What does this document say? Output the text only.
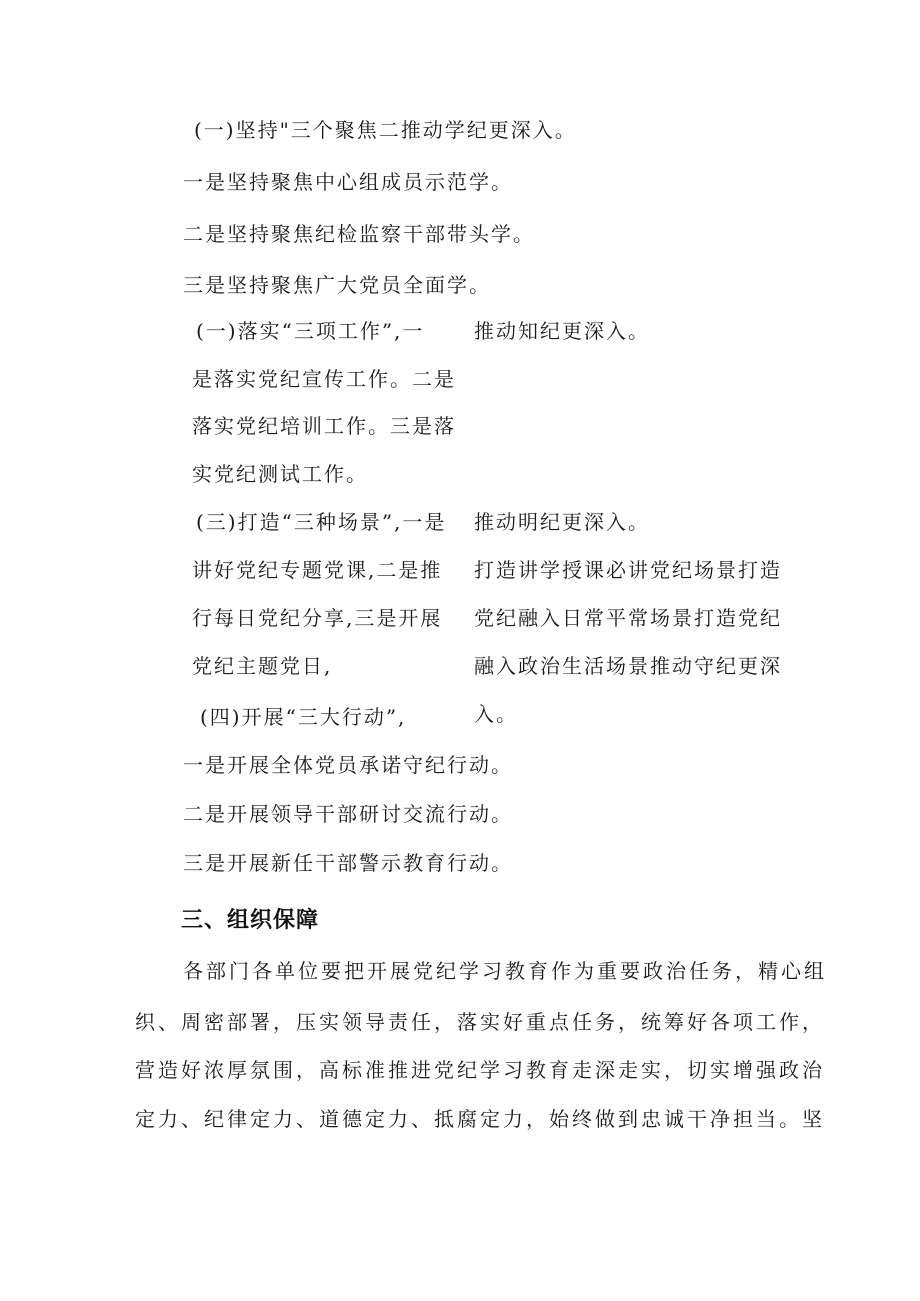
(一)坚持"三个聚焦二推动学纪更深入。
一是坚持聚焦中心组成员示范学。
二是坚持聚焦纪检监察干部带头学。
三是坚持聚焦广大党员全面学。
(一)落实“三项工作”,一
是落实党纪宣传工作。二是
落实党纪培训工作。三是落
实党纪测试工作。
推动知纪更深入。
(三)打造“三种场景”,一是
讲好党纪专题党课,二是推
行每日党纪分享,三是开展
党纪主题党日,
推动明纪更深入。
打造讲学授课必讲党纪场景打造
党纪融入日常平常场景打造党纪
融入政治生活场景推动守纪更深
入。
(四)开展“三大行动”,
一是开展全体党员承诺守纪行动。
二是开展领导干部研讨交流行动。
三是开展新任干部警示教育行动。
三、组织保障
各部门各单位要把开展党纪学习教育作为重要政治任务，精心组
织、周密部署，压实领导责任，落实好重点任务，统筹好各项工作，
营造好浓厚氛围，高标准推进党纪学习教育走深走实，切实增强政治
定力、纪律定力、道德定力、抵腐定力，始终做到忠诚干净担当。坚
